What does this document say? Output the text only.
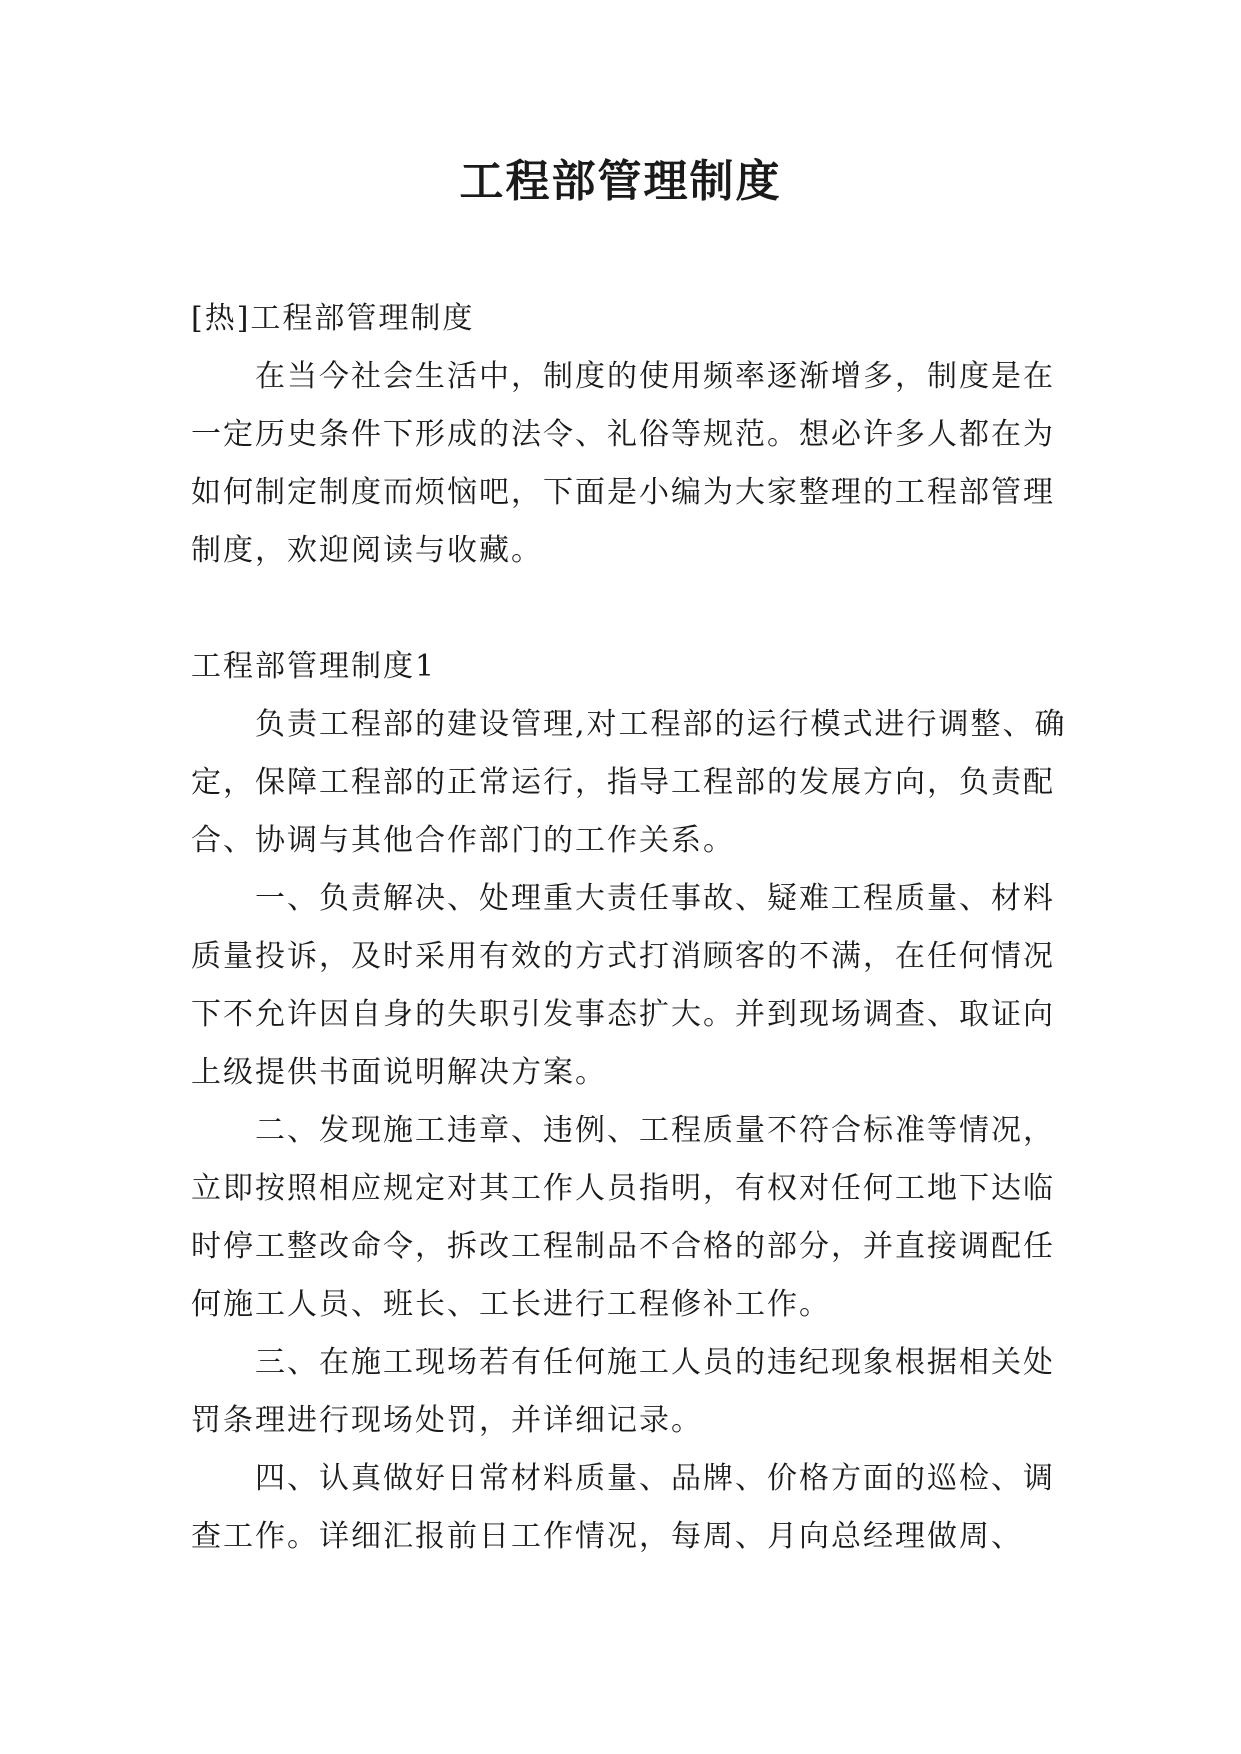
工程部管理制度

[热]工程部管理制度

在当今社会生活中，制度的使用频率逐渐增多，制度是在一定历史条件下形成的法令、礼俗等规范。想必许多人都在为如何制定制度而烦恼吧，下面是小编为大家整理的工程部管理制度，欢迎阅读与收藏。

工程部管理制度1

负责工程部的建设管理,对工程部的运行模式进行调整、确定，保障工程部的正常运行，指导工程部的发展方向，负责配合、协调与其他合作部门的工作关系。

一、负责解决、处理重大责任事故、疑难工程质量、材料质量投诉，及时采用有效的方式打消顾客的不满，在任何情况下不允许因自身的失职引发事态扩大。并到现场调查、取证向上级提供书面说明解决方案。

二、发现施工违章、违例、工程质量不符合标准等情况，立即按照相应规定对其工作人员指明，有权对任何工地下达临时停工整改命令，拆改工程制品不合格的部分，并直接调配任何施工人员、班长、工长进行工程修补工作。

三、在施工现场若有任何施工人员的违纪现象根据相关处罚条理进行现场处罚，并详细记录。

四、认真做好日常材料质量、品牌、价格方面的巡检、调查工作。详细汇报前日工作情况，每周、月向总经理做周、
